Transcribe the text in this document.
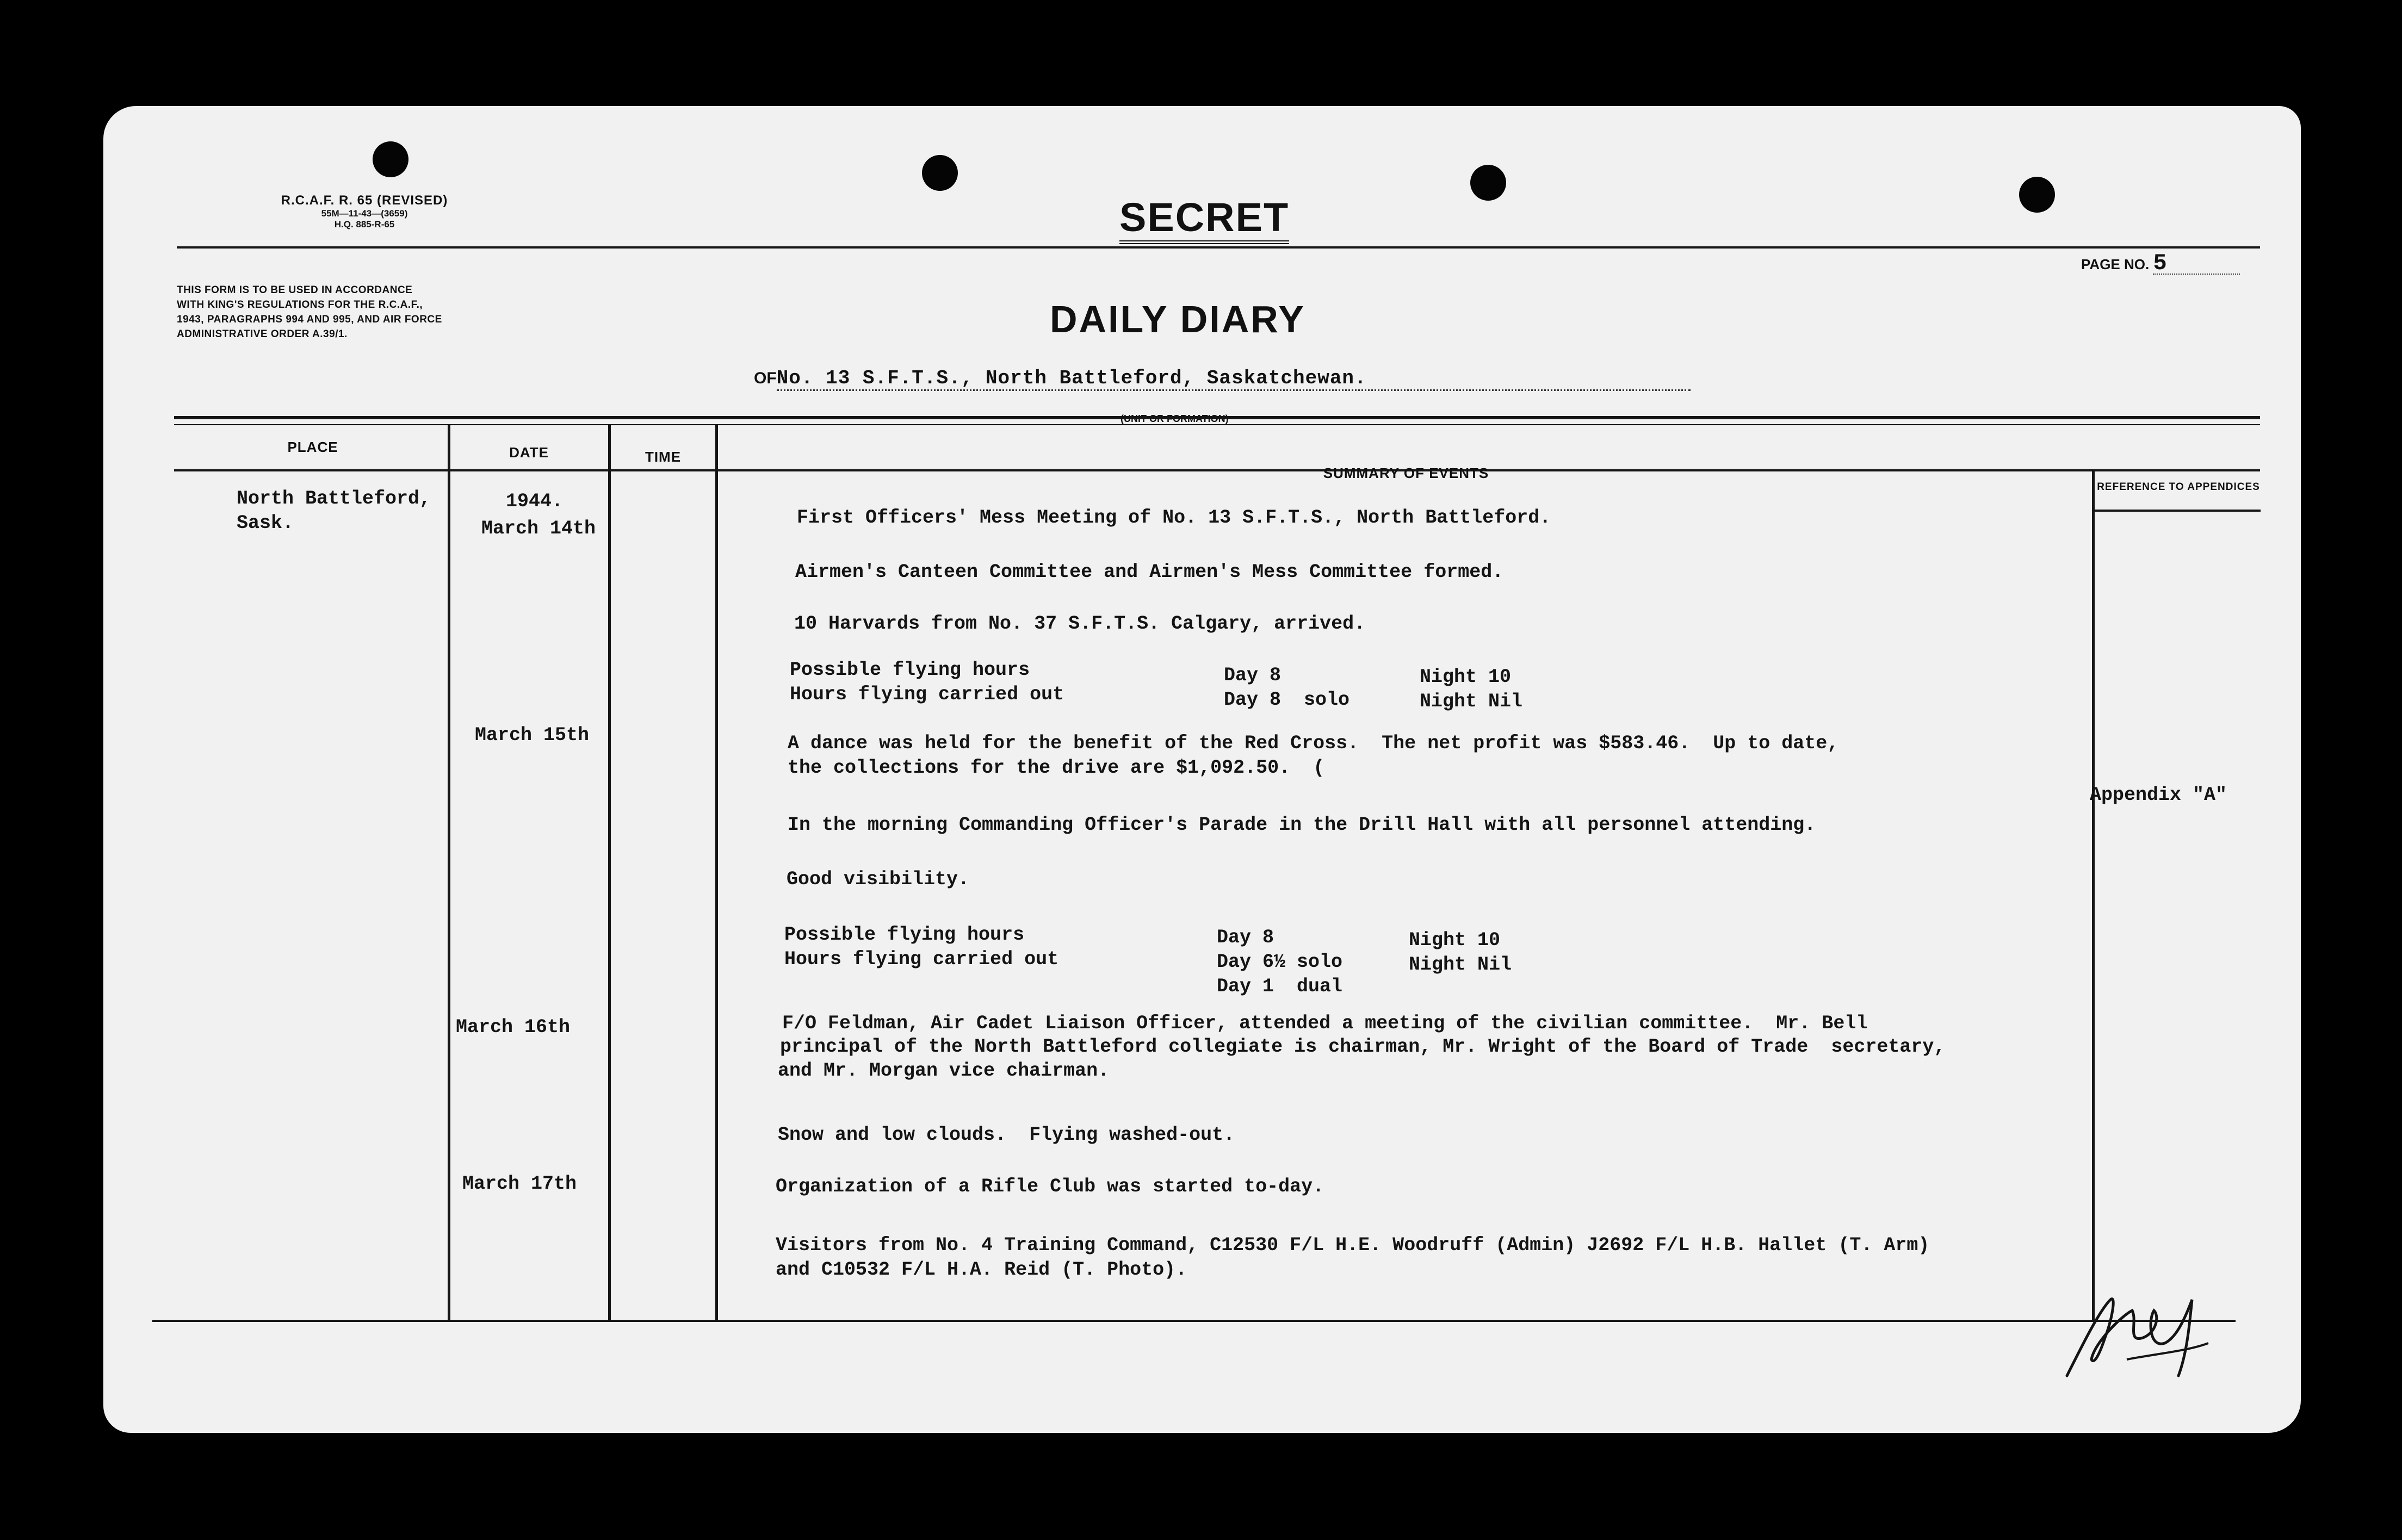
R.C.A.F. R. 65 (REVISED)
55M—11-43—(3659)
H.Q. 885-R-65
THIS FORM IS TO BE USED IN ACCORDANCE
WITH KING'S REGULATIONS FOR THE R.C.A.F.,
1943, PARAGRAPHS 994 AND 995, AND AIR FORCE
ADMINISTRATIVE ORDER A.39/1.
SECRET
PAGE NO. 5
DAILY DIARY
OFNo. 13 S.F.T.S., North Battleford, Saskatchewan.
PLACE	DATE	TIME
SUMMARY OF EVENTS
REFERENCE TO APPENDICES
North Battleford,
Sask.
1944.
March 14th
March 15th
March 16th
March 17th
First Officers' Mess Meeting of No. 13 S.F.T.S., North Battleford.
Airmen's Canteen Committee and Airmen's Mess Committee formed.
10 Harvards from No. 37 S.F.T.S. Calgary, arrived.
Possible flying hours
Hours flying carried out
Day 8
Day 8  solo
Night 10
Night Nil
A dance was held for the benefit of the Red Cross.  The net profit was $583.46.  Up to date,
the collections for the drive are $1,092.50.  (
Appendix "A"
In the morning Commanding Officer's Parade in the Drill Hall with all personnel attending.
Good visibility.
Possible flying hours
Hours flying carried out
Day 8
Day 6½ solo
Day 1  dual
Night 10
Night Nil
F/O Feldman, Air Cadet Liaison Officer, attended a meeting of the civilian committee.  Mr. Bell
principal of the North Battleford collegiate is chairman, Mr. Wright of the Board of Trade  secretary,
and Mr. Morgan vice chairman.
Snow and low clouds.  Flying washed-out.
Organization of a Rifle Club was started to-day.
Visitors from No. 4 Training Command, C12530 F/L H.E. Woodruff (Admin) J2692 F/L H.B. Hallet (T. Arm)
and C10532 F/L H.A. Reid (T. Photo).
